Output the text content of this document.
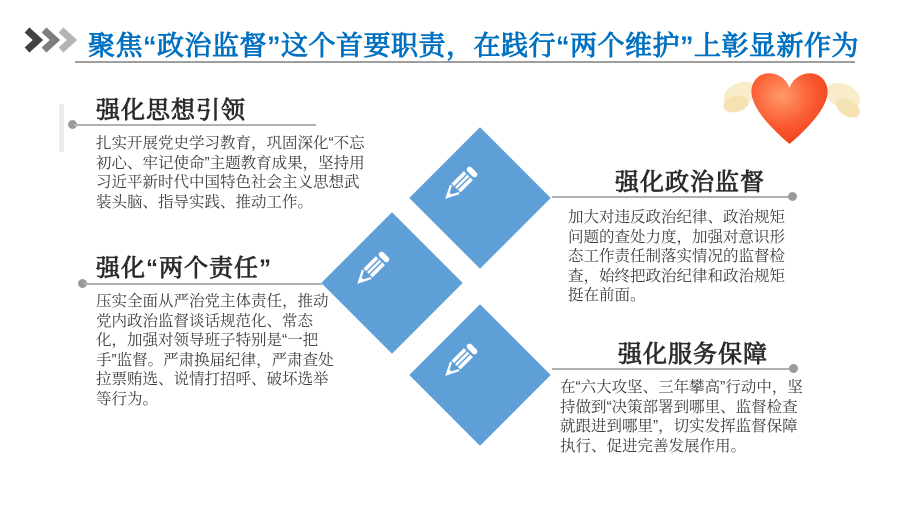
聚焦“政治监督”这个首要职责，在践行“两个维护”上彰显新作为
强化思想引领
扎实开展党史学习教育，巩固深化“不忘初心、牢记使命”主题教育成果，坚持用习近平新时代中国特色社会主义思想武装头脑、指导实践、推动工作。
强化“两个责任”
压实全面从严治党主体责任，推动党内政治监督谈话规范化、常态化，加强对领导班子特别是“一把手”监督。严肃换届纪律，严肃查处拉票贿选、说情打招呼、破坏选举等行为。
强化政治监督
加大对违反政治纪律、政治规矩问题的查处力度，加强对意识形态工作责任制落实情况的监督检查，始终把政治纪律和政治规矩挺在前面。
强化服务保障
在“六大攻坚、三年攀高”行动中，坚持做到“决策部署到哪里、监督检查就跟进到哪里”，切实发挥监督保障执行、促进完善发展作用。
